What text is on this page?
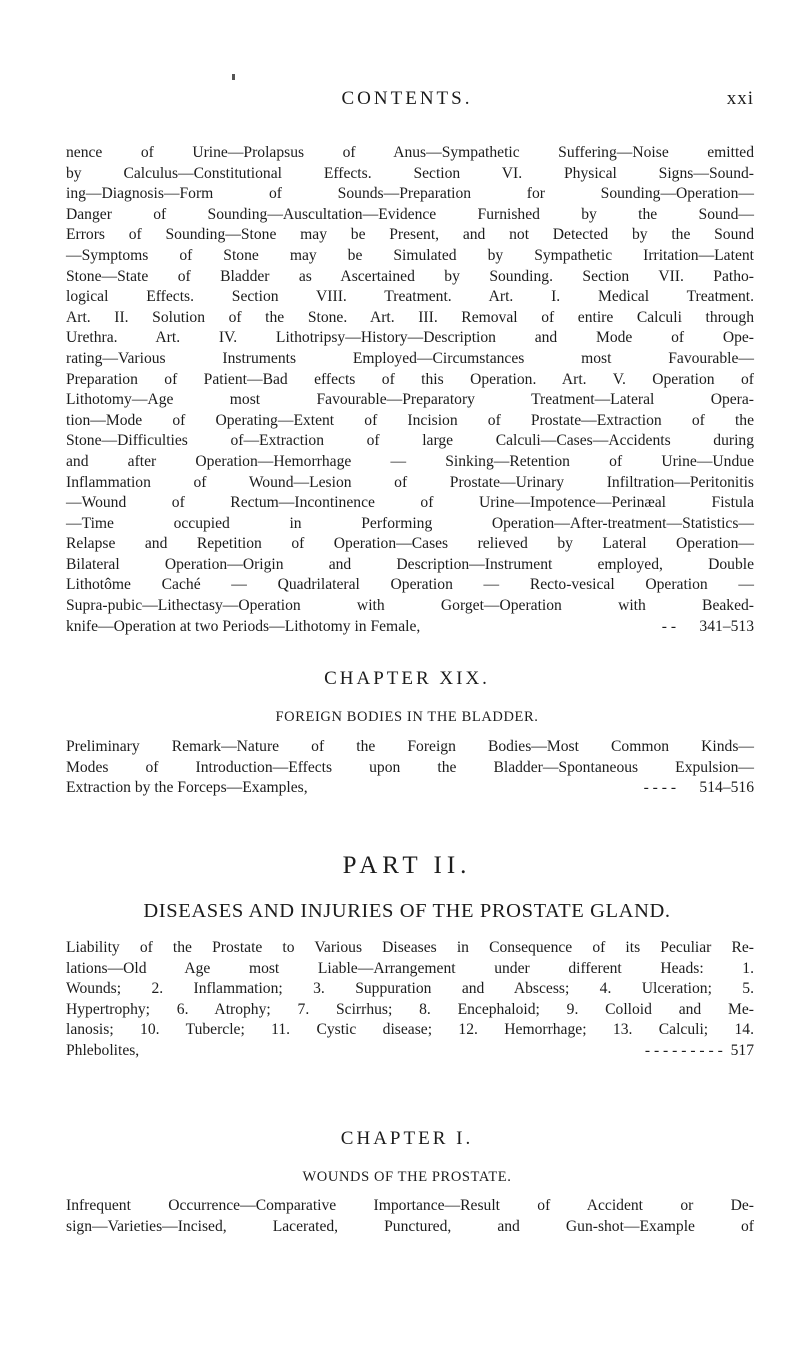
CONTENTS.	xxi
nence of Urine—Prolapsus of Anus—Sympathetic Suffering—Noise emitted
by Calculus—Constitutional Effects. Section VI. Physical Signs—Sound-
ing—Diagnosis—Form of Sounds—Preparation for Sounding—Operation—
Danger of Sounding—Auscultation—Evidence Furnished by the Sound—
Errors of Sounding—Stone may be Present, and not Detected by the Sound
—Symptoms of Stone may be Simulated by Sympathetic Irritation—Latent
Stone—State of Bladder as Ascertained by Sounding. Section VII. Patho-
logical Effects. Section VIII. Treatment. Art. I. Medical Treatment.
Art. II. Solution of the Stone. Art. III. Removal of entire Calculi through
Urethra. Art. IV. Lithotripsy—History—Description and Mode of Ope-
rating—Various Instruments Employed—Circumstances most Favourable—
Preparation of Patient—Bad effects of this Operation. Art. V. Operation of
Lithotomy—Age most Favourable—Preparatory Treatment—Lateral Opera-
tion—Mode of Operating—Extent of Incision of Prostate—Extraction of the
Stone—Difficulties of—Extraction of large Calculi—Cases—Accidents during
and after Operation—Hemorrhage — Sinking—Retention of Urine—Undue
Inflammation of Wound—Lesion of Prostate—Urinary Infiltration—Peritonitis
—Wound of Rectum—Incontinence of Urine—Impotence—Perinæal Fistula
—Time occupied in Performing Operation—After-treatment—Statistics—
Relapse and Repetition of Operation—Cases relieved by Lateral Operation—
Bilateral Operation—Origin and Description—Instrument employed, Double
Lithotôme Caché — Quadrilateral Operation — Recto-vesical Operation —
Supra-pubic—Lithectasy—Operation with Gorget—Operation with Beaked-
knife—Operation at two Periods—Lithotomy in Female,	- - 341–513
CHAPTER XIX.
FOREIGN BODIES IN THE BLADDER.
Preliminary Remark—Nature of the Foreign Bodies—Most Common Kinds—
Modes of Introduction—Effects upon the Bladder—Spontaneous Expulsion—
Extraction by the Forceps—Examples,	- - - - 514–516
PART II.
DISEASES AND INJURIES OF THE PROSTATE GLAND.
Liability of the Prostate to Various Diseases in Consequence of its Peculiar Re-
lations—Old Age most Liable—Arrangement under different Heads: 1.
Wounds; 2. Inflammation; 3. Suppuration and Abscess; 4. Ulceration; 5.
Hypertrophy; 6. Atrophy; 7. Scirrhus; 8. Encephaloid; 9. Colloid and Me-
lanosis; 10. Tubercle; 11. Cystic disease; 12. Hemorrhage; 13. Calculi; 14.
Phlebolites,	- - - - - - - - - 517
CHAPTER I.
WOUNDS OF THE PROSTATE.
Infrequent Occurrence—Comparative Importance—Result of Accident or De-
sign—Varieties—Incised, Lacerated, Punctured, and Gun-shot—Example of
